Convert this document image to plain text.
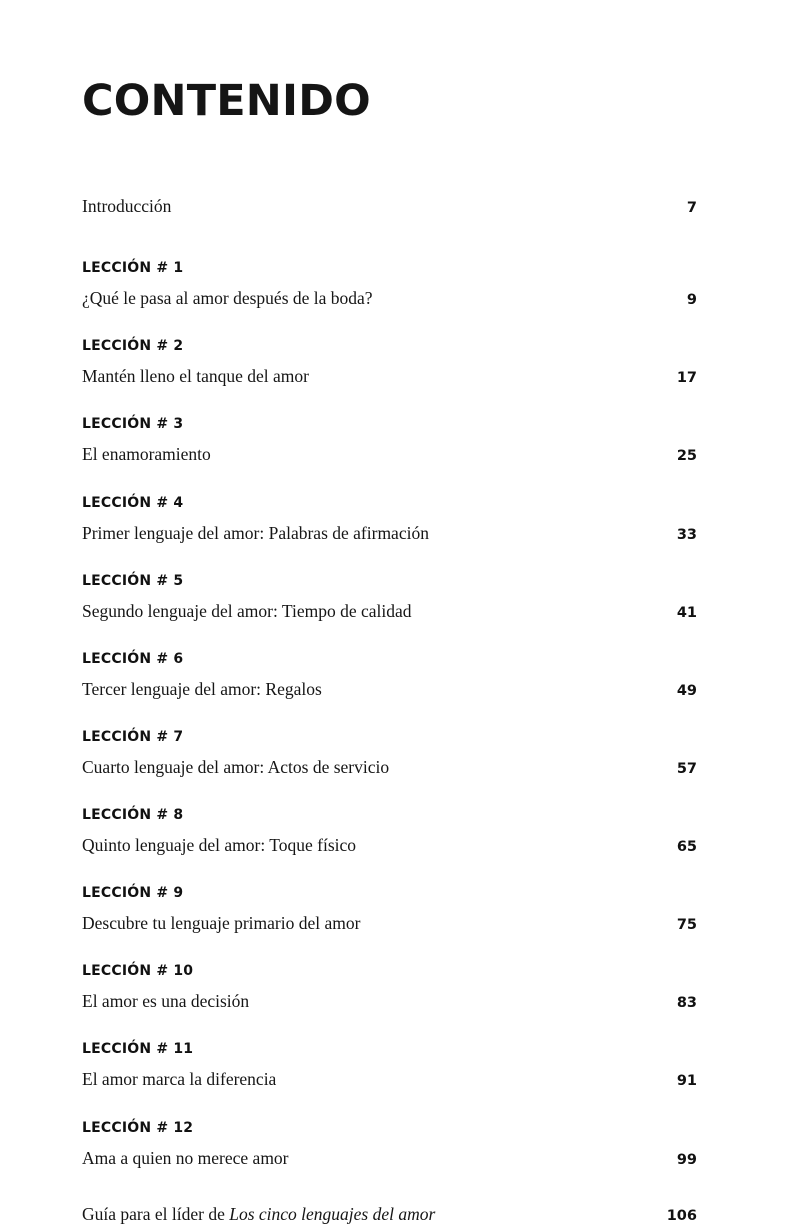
CONTENIDO
Introducción	7
LECCIÓN # 1
¿Qué le pasa al amor después de la boda?	9
LECCIÓN # 2
Mantén lleno el tanque del amor	17
LECCIÓN # 3
El enamoramiento	25
LECCIÓN # 4
Primer lenguaje del amor: Palabras de afirmación	33
LECCIÓN # 5
Segundo lenguaje del amor: Tiempo de calidad	41
LECCIÓN # 6
Tercer lenguaje del amor: Regalos	49
LECCIÓN # 7
Cuarto lenguaje del amor: Actos de servicio	57
LECCIÓN # 8
Quinto lenguaje del amor: Toque físico	65
LECCIÓN # 9
Descubre tu lenguaje primario del amor	75
LECCIÓN # 10
El amor es una decisión	83
LECCIÓN # 11
El amor marca la diferencia	91
LECCIÓN # 12
Ama a quien no merece amor	99
Guía para el líder de Los cinco lenguajes del amor	106
